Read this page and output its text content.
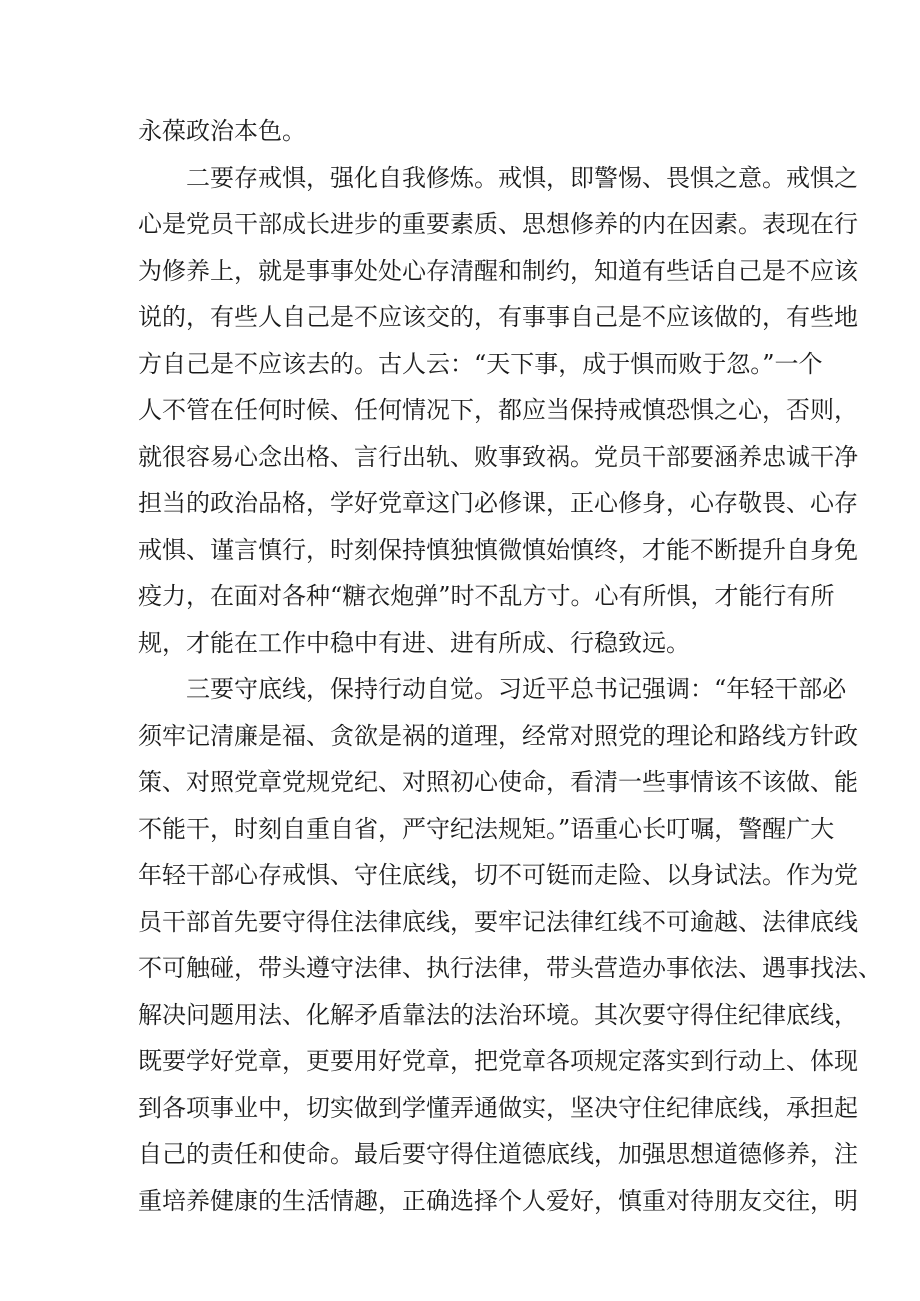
永葆政治本色。
二要存戒惧，强化自我修炼。戒惧，即警惕、畏惧之意。戒惧之
心是党员干部成长进步的重要素质、思想修养的内在因素。表现在行
为修养上，就是事事处处心存清醒和制约，知道有些话自己是不应该
说的，有些人自己是不应该交的，有事事自己是不应该做的，有些地
方自己是不应该去的。古人云：“天下事，成于惧而败于忽。”一个
人不管在任何时候、任何情况下，都应当保持戒慎恐惧之心，否则，
就很容易心念出格、言行出轨、败事致祸。党员干部要涵养忠诚干净
担当的政治品格，学好党章这门必修课，正心修身，心存敬畏、心存
戒惧、谨言慎行，时刻保持慎独慎微慎始慎终，才能不断提升自身免
疫力，在面对各种“糖衣炮弹”时不乱方寸。心有所惧，才能行有所
规，才能在工作中稳中有进、进有所成、行稳致远。
三要守底线，保持行动自觉。习近平总书记强调：“年轻干部必
须牢记清廉是福、贪欲是祸的道理，经常对照党的理论和路线方针政
策、对照党章党规党纪、对照初心使命，看清一些事情该不该做、能
不能干，时刻自重自省，严守纪法规矩。”语重心长叮嘱，警醒广大
年轻干部心存戒惧、守住底线，切不可铤而走险、以身试法。作为党
员干部首先要守得住法律底线，要牢记法律红线不可逾越、法律底线
不可触碰，带头遵守法律、执行法律，带头营造办事依法、遇事找法、
解决问题用法、化解矛盾靠法的法治环境。其次要守得住纪律底线，
既要学好党章，更要用好党章，把党章各项规定落实到行动上、体现
到各项事业中，切实做到学懂弄通做实，坚决守住纪律底线，承担起
自己的责任和使命。最后要守得住道德底线，加强思想道德修养，注
重培养健康的生活情趣，正确选择个人爱好，慎重对待朋友交往，明
